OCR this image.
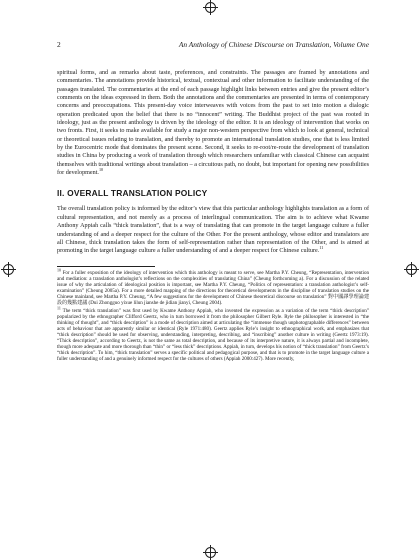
2	An Anthology of Chinese Discourse on Translation, Volume One

spiritual forms, and as remarks about taste, preferences, and constraints. The passages are framed by annotations and commentaries. The annotations provide historical, textual, contextual and other information to facilitate understanding of the passages translated. The commentaries at the end of each passage highlight links between entries and give the present editor’s comments on the ideas expressed in them. Both the annotations and the commentaries are presented in terms of contemporary concerns and preoccupations. This present-day voice interweaves with voices from the past to set into motion a dialogic operation predicated upon the belief that there is no “innocent” writing. The Buddhist project of the past was rooted in ideology, just as the present anthology is driven by the ideology of the editor. It is an ideology of intervention that works on two fronts. First, it seeks to make available for study a major non-western perspective from which to look at general, technical or theoretical issues relating to translation, and thereby to promote an international translation studies, one that is less limited by the Eurocentric mode that dominates the present scene. Second, it seeks to re-root/re-route the development of translation studies in China by producing a work of translation through which researchers unfamiliar with classical Chinese can acquaint themselves with traditional writings about translation – a circuitous path, no doubt, but important for opening new possibilities for development.$^{10}$

II. OVERALL TRANSLATION POLICY

The overall translation policy is informed by the editor’s view that this particular anthology highlights translation as a form of cultural representation, and not merely as a process of interlingual communication. The aim is to achieve what Kwame Anthony Appiah calls “thick translation”, that is a way of translating that can promote in the target language culture a fuller understanding of and a deeper respect for the culture of the Other. For the present anthology, whose editor and translators are all Chinese, thick translation takes the form of self-representation rather than representation of the Other, and is aimed at promoting in the target language culture a fuller understanding of and a deeper respect for Chinese culture.$^{11}$

$^{10}$ For a fuller exposition of the ideology of intervention which this anthology is meant to serve, see Martha P.Y. Cheung, “Representation, intervention and mediation: a translation anthologist’s reflections on the complexities of translating China” (Cheung forthcoming a). For a discussion of the related issue of why the articulation of ideological position is important, see Martha P.Y. Cheung, “Politics of representation: a translation anthologist’s self-examination” (Cheung 2005a). For a more detailed mapping of the directions for theoretical developments in the discipline of translation studies on the Chinese mainland, see Martha P.Y. Cheung, “A few suggestions for the development of Chinese theoretical discourse on translation” 對中國譯學理論建設的幾點建議 (Dui Zhongguo yixue lilun jianshe de jidian jianyi, Cheung 2004).

$^{11}$ The term “thick translation” was first used by Kwame Anthony Appiah, who invented the expression as a variation of the term “thick description” popularized by the ethnographer Clifford Geertz, who in turn borrowed it from the philosopher Gilbert Ryle. Ryle the philosopher is interested in “the thinking of thought”, and “thick description” is a mode of description aimed at articulating the “immense though unphotographable differences” between acts of behaviour that are apparently similar or identical (Ryle 1971:480). Geertz applies Ryle’s insight to ethnographical work, and emphasizes that “thick description” should be used for observing, understanding, interpreting, describing, and “inscribing” another culture in writing (Geertz 1973:19). “Thick description”, according to Geertz, is not the same as total description, and because of its interpretive nature, it is always partial and incomplete, though more adequate and more thorough than “thin” or “less thick” descriptions. Appiah, in turn, develops his notion of “thick translation” from Geertz’s “thick description”. To him, “thick translation” serves a specific political and pedagogical purpose, and that is to promote in the target language culture a fuller understanding of and a genuinely informed respect for the cultures of others (Appiah 2000:427). More recently,
